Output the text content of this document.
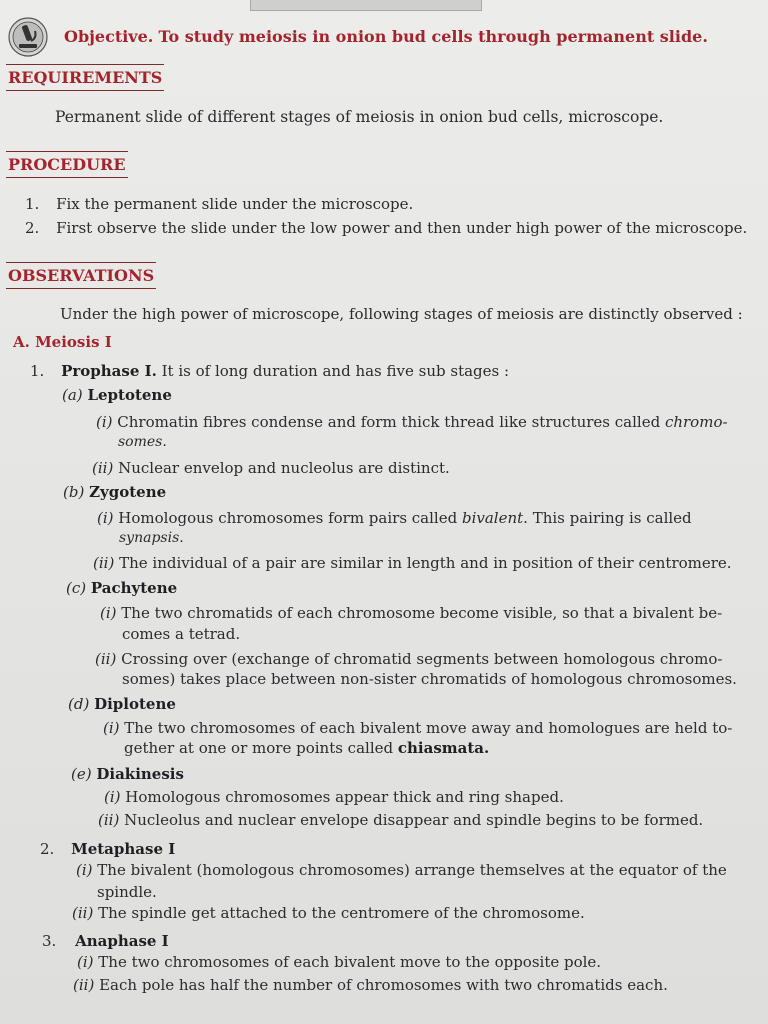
Objective. To study meiosis in onion bud cells through permanent slide.
REQUIREMENTS
Permanent slide of different stages of meiosis in onion bud cells, microscope.
PROCEDURE
1. Fix the permanent slide under the microscope.
2. First observe the slide under the low power and then under high power of the microscope.
OBSERVATIONS
Under the high power of microscope, following stages of meiosis are distinctly observed :
A. Meiosis I
1. Prophase I. It is of long duration and has five sub stages :
(a) Leptotene
(i) Chromatin fibres condense and form thick thread like structures called chromo-
somes.
(ii) Nuclear envelop and nucleolus are distinct.
(b) Zygotene
(i) Homologous chromosomes form pairs called bivalent. This pairing is called
synapsis.
(ii) The individual of a pair are similar in length and in position of their centromere.
(c) Pachytene
(i) The two chromatids of each chromosome become visible, so that a bivalent be-
comes a tetrad.
(ii) Crossing over (exchange of chromatid segments between homologous chromo-
somes) takes place between non-sister chromatids of homologous chromosomes.
(d) Diplotene
(i) The two chromosomes of each bivalent move away and homologues are held to-
gether at one or more points called chiasmata.
(e) Diakinesis
(i) Homologous chromosomes appear thick and ring shaped.
(ii) Nucleolus and nuclear envelope disappear and spindle begins to be formed.
2. Metaphase I
(i) The bivalent (homologous chromosomes) arrange themselves at the equator of the
spindle.
(ii) The spindle get attached to the centromere of the chromosome.
3. Anaphase I
(i) The two chromosomes of each bivalent move to the opposite pole.
(ii) Each pole has half the number of chromosomes with two chromatids each.
